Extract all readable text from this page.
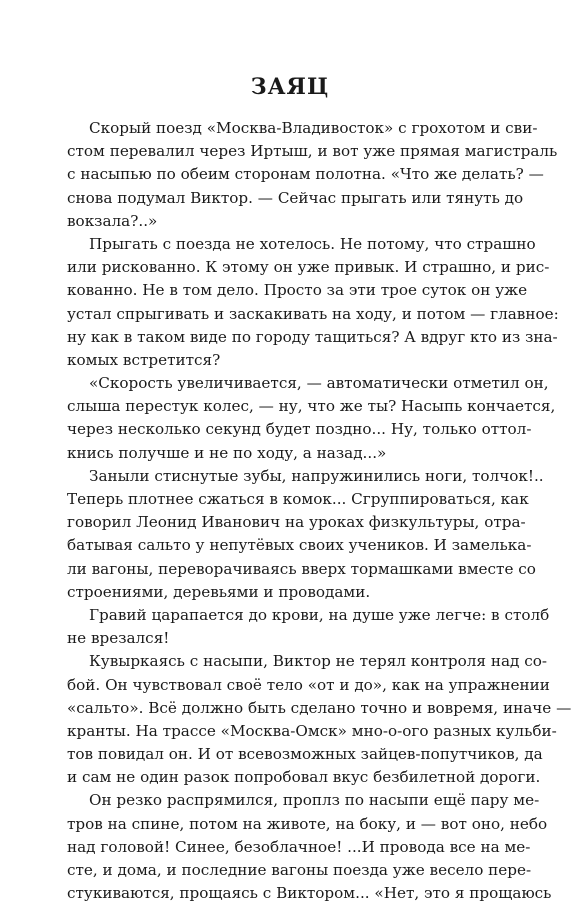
ЗАЯЦ
Скорый поезд «Москва-Владивосток» с грохотом и сви-
стом перевалил через Иртыш, и вот уже прямая магистраль
с насыпью по обеим сторонам полотна. «Что же делать? —
снова подумал Виктор. — Сейчас прыгать или тянуть до
вокзала?..»
Прыгать с поезда не хотелось. Не потому, что страшно
или рискованно. К этому он уже привык. И страшно, и рис-
кованно. Не в том дело. Просто за эти трое суток он уже
устал спрыгивать и заскакивать на ходу, и потом — главное:
ну как в таком виде по городу тащиться? А вдруг кто из зна-
комых встретится?
«Скорость увеличивается, — автоматически отметил он,
слыша перестук колес, — ну, что же ты? Насыпь кончается,
через несколько секунд будет поздно... Ну, только оттол-
кнись получше и не по ходу, а назад...»
Заныли стиснутые зубы, напружинились ноги, толчок!..
Теперь плотнее сжаться в комок... Сгруппироваться, как
говорил Леонид Иванович на уроках физкультуры, отра-
батывая сальто у непутёвых своих учеников. И замелька-
ли вагоны, переворачиваясь вверх тормашками вместе со
строениями, деревьями и проводами.
Гравий царапается до крови, на душе уже легче: в столб
не врезался!
Кувыркаясь с насыпи, Виктор не терял контроля над со-
бой. Он чувствовал своё тело «от и до», как на упражнении
«сальто». Всё должно быть сделано точно и вовремя, иначе —
кранты. На трассе «Москва-Омск» мно-о-ого разных кульби-
тов повидал он. И от всевозможных зайцев-попутчиков, да
и сам не один разок попробовал вкус безбилетной дороги.
Он резко распрямился, проплз по насыпи ещё пару ме-
тров на спине, потом на животе, на боку, и — вот оно, небо
над головой! Синее, безоблачное! ...И провода все на ме-
сте, и дома, и последние вагоны поезда уже весело пере-
стукиваются, прощаясь с Виктором... «Нет, это я прощаюсь
